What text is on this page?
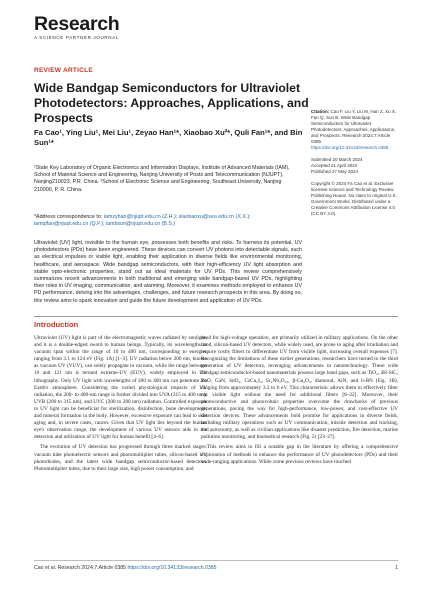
Research
A SCIENCE PARTNER JOURNAL
REVIEW ARTICLE
Wide Bandgap Semiconductors for Ultraviolet Photodetectors: Approaches, Applications, and Prospects
Fa Cao¹, Ying Liu¹, Mei Liu¹, Zeyao Han¹*, Xiaobao Xu²*, Quli Fan¹*, and Bin Sun¹*
¹State Key Laboratory of Organic Electronics and Information Displays, Institute of Advanced Materials (IAM), School of Material Science and Engineering, Nanjing University of Posts and Telecommunication (NJUPT), Nanjing210023, P.R. China. ²School of Electronic Science and Engineering, Southeast University, Nanjing 210000, P. R. China.
*Address correspondence to: iamzyhan@njupt.edu.cn (Z.H.); xiaobaoxu@seu.edu.cn (X.X.); iamqlfan@njupt.edu.cn (Q.F.); iambsun@njupt.edu.cn (B.S.)
Ultraviolet (UV) light, invisible to the human eye, possesses both benefits and risks. To harness its potential, UV photodetectors (PDs) have been engineered. These devices can convert UV photons into detectable signals, such as electrical impulses or visible light, enabling their application in diverse fields like environmental monitoring, healthcare, and aerospace. Wide bandgap semiconductors, with their high-efficiency UV light absorption and stable opto-electronic properties, stand out as ideal materials for UV PDs. This review comprehensively summarizes recent advancements in both traditional and emerging wide bandgap-based UV PDs, highlighting their roles in UV imaging, communication, and alarming. Moreover, it examines methods employed to enhance UV PD performance, delving into the advantages, challenges, and future research prospects in this area. By doing so, this review aims to spark innovation and guide the future development and application of UV PDs.
Citation: Cao F, Liu Y, Liu M, Han Z, Xu X, Fan Q, Sun B. Wide Bandgap Semiconductors for Ultraviolet Photodetectors: Approaches, Applications, and Prospects. Research 2024;7:Article 0385. https://doi.org/10.34133/research.0385
Submitted 20 March 2024
Accepted 21 April 2024
Published 27 May 2024
Copyright © 2024 Fa Cao et al. Exclusive licensee Science and Technology Review Publishing House. No claim to original U.S. Government Works. Distributed under a Creative Commons Attribution License 4.0 (CC BY 4.0).
Introduction

Ultraviolet (UV) light is part of the electromagnetic waves radiated by sunlight, and it is a double-edged sword to human beings. Typically, its wavelengths in vacuum span within the range of 10 to 400 nm, corresponding to energies ranging from 3.1 to 124 eV (Fig. 1A) [1–3]. UV radiation below 200 nm, known as vacuum UV (VUV), can solely propagate in vacuum, while the range between 10 and 121 nm is termed extreme-UV (EUV), widely employed in UV lithography. Only UV light with wavelengths of 200 to 400 nm can penetrate the Earth's atmosphere. Considering the varied physiological impacts of UV radiation, the 200- to 400-nm range is further divided into UVA (315 to 400 nm), UVB (280 to 315 nm), and UVC (200 to 280 nm) radiation. Controlled exposure to UV light can be beneficial for sterilization, disinfection, bone development, and mineral formation in the body. However, excessive exposure can lead to skin aging and, in severe cases, cancer. Given that UV light lies beyond the human eye's observation range, the development of various UV sensors aids in the detection and utilization of UV light for human benefit [4–6].

The evolution of UV detection has progressed through three marked stages: vacuum tube photoelectric sensors and photomultiplier tubes, silicon-based UV photodiodes, and the latest wide bandgap semiconductor-based detectors. Photomultiplier tubes, due to their large size, high power consumption, and

need for high-voltage operation, are primarily utilized in military applications. On the other hand, silicon-based UV detectors, while widely used, are prone to aging after irradiation and require costly filters to differentiate UV from visible light, increasing overall expenses [7]. Recognizing the limitations of these earlier generations, researchers have turned to the third generation of UV detectors, leveraging advancements in nanotechnology. These wide bandgap semiconductor-based nanomaterials possess large band gaps, such as TiO₂, 4H-SiC, ZnO, GaN, SnO₂, CsCu₂I₃, Sr₂Nb₃O₁₀, β-Ga₂O₃, diamond, AlN, and h-BN (Fig. 1B), ranging from approximately 3.2 to 6 eV. This characteristic allows them to effectively filter out visible light without the need for additional filters [8–22]. Moreover, their photoconductive and photovoltaic properties overcome the drawbacks of previous generations, paving the way for high-performance, low-power, and cost-effective UV detection devices. These advancements hold promise for applications in diverse fields, including military operations such as UV communication, missile detection and tracking, and astronomy, as well as civilian applications like disaster prediction, fire detection, marine pollution monitoring, and biomedical research (Fig. 2) [23–27].

This review aims to fill a notable gap in the literature by offering a comprehensive exploration of methods to enhance the performance of UV photodetectors (PDs) and their wide-ranging applications. While some previous reviews have touched

Cao et al. Research 2024;7:Article 0385 https://doi.org/10.34133/research.0385	1
